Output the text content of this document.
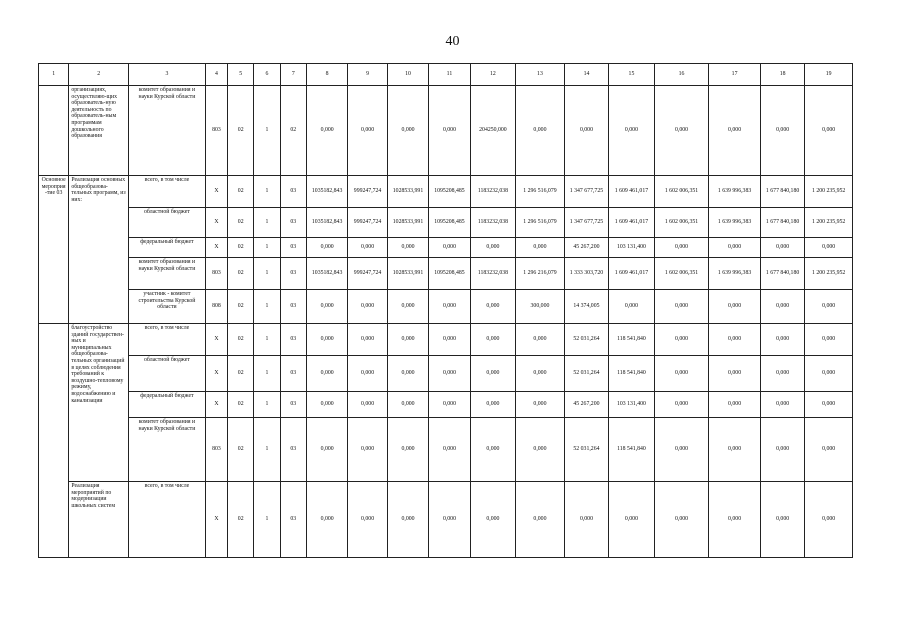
40
1	2	3	4	5	6	7	8	9	10	11	12	13	14	15	16	17	18	19
	организациях, осуществляю-щих образователь-ную деятельность по образователь-ным программам дошкольного образования	комитет образования и науки Курской области	803	02	1	02	0,000	0,000	0,000	0,000	204250,000	0,000	0,000	0,000	0,000	0,000	0,000	0,000
Основное мероприя-тие 03	Реализация основных общеобразова-тельных программ, из них:	всего, в том числе	X	02	1	03	1035182,843	999247,724	1028533,991	1095208,485	1183232,038	1 296 516,079	1 347 677,725	1 609 461,017	1 602 006,351	1 639 996,383	1 677 840,180	1 200 235,952
		областной бюджет	X	02	1	03	1035182,843	999247,724	1028533,991	1095208,485	1183232,038	1 296 516,079	1 347 677,725	1 609 461,017	1 602 006,351	1 639 996,383	1 677 840,180	1 200 235,952
		федеральный бюджет	X	02	1	03	0,000	0,000	0,000	0,000	0,000	0,000	45 267,200	103 131,400	0,000	0,000	0,000	0,000
		комитет образования и науки Курской области	803	02	1	03	1035182,843	999247,724	1028533,991	1095208,485	1183232,038	1 296 216,079	1 333 303,720	1 609 461,017	1 602 006,351	1 639 996,383	1 677 840,180	1 200 235,952
		участник - комитет строительства Курской области	808	02	1	03	0,000	0,000	0,000	0,000	0,000	300,000	14 374,005	0,000	0,000	0,000	0,000	0,000
	благоустройство зданий государствен-ных и муниципальных общеобразова-тельных организаций в целях соблюдения требований к воздушно-тепловому режиму, водоснабжению и канализации	всего, в том числе	X	02	1	03	0,000	0,000	0,000	0,000	0,000	0,000	52 031,264	118 541,840	0,000	0,000	0,000	0,000
		областной бюджет	X	02	1	03	0,000	0,000	0,000	0,000	0,000	0,000	52 031,264	118 541,840	0,000	0,000	0,000	0,000
		федеральный бюджет	X	02	1	03	0,000	0,000	0,000	0,000	0,000	0,000	45 267,200	103 131,400	0,000	0,000	0,000	0,000
		комитет образования и науки Курской области	803	02	1	03	0,000	0,000	0,000	0,000	0,000	0,000	52 031,264	118 541,840	0,000	0,000	0,000	0,000
	Реализация мероприятий по модернизации школьных систем	всего, в том числе	X	02	1	03	0,000	0,000	0,000	0,000	0,000	0,000	0,000	0,000	0,000	0,000	0,000	0,000
